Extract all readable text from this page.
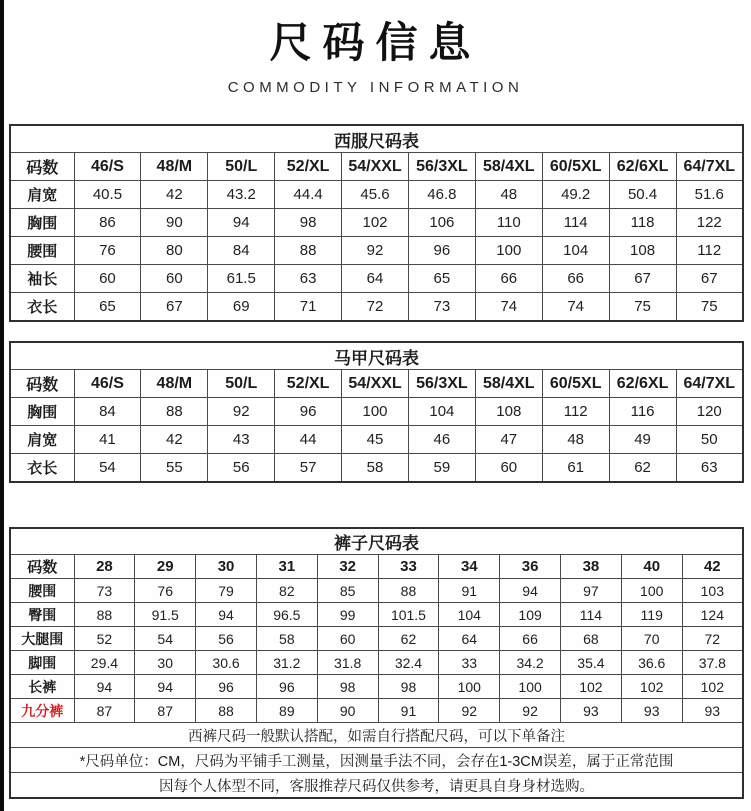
尺码信息
COMMODITY INFORMATION
西服尺码表										
码数	46/S	48/M	50/L	52/XL	54/XXL	56/3XL	58/4XL	60/5XL	62/6XL	64/7XL
肩宽	40.5	42	43.2	44.4	45.6	46.8	48	49.2	50.4	51.6
胸围	86	90	94	98	102	106	110	114	118	122
腰围	76	80	84	88	92	96	100	104	108	112
袖长	60	60	61.5	63	64	65	66	66	67	67
衣长	65	67	69	71	72	73	74	74	75	75
马甲尺码表										
码数	46/S	48/M	50/L	52/XL	54/XXL	56/3XL	58/4XL	60/5XL	62/6XL	64/7XL
胸围	84	88	92	96	100	104	108	112	116	120
肩宽	41	42	43	44	45	46	47	48	49	50
衣长	54	55	56	57	58	59	60	61	62	63
裤子尺码表											
码数	28	29	30	31	32	33	34	36	38	40	42
腰围	73	76	79	82	85	88	91	94	97	100	103
臀围	88	91.5	94	96.5	99	101.5	104	109	114	119	124
大腿围	52	54	56	58	60	62	64	66	68	70	72
脚围	29.4	30	30.6	31.2	31.8	32.4	33	34.2	35.4	36.6	37.8
长裤	94	94	96	96	98	98	100	100	102	102	102
九分裤	87	87	88	89	90	91	92	92	93	93	93
西裤尺码一般默认搭配，如需自行搭配尺码，可以下单备注											
*尺码单位：CM，尺码为平铺手工测量，因测量手法不同，会存在1-3CM误差，属于正常范围											
因每个人体型不同，客服推荐尺码仅供参考，请更具自身身材选购。											
